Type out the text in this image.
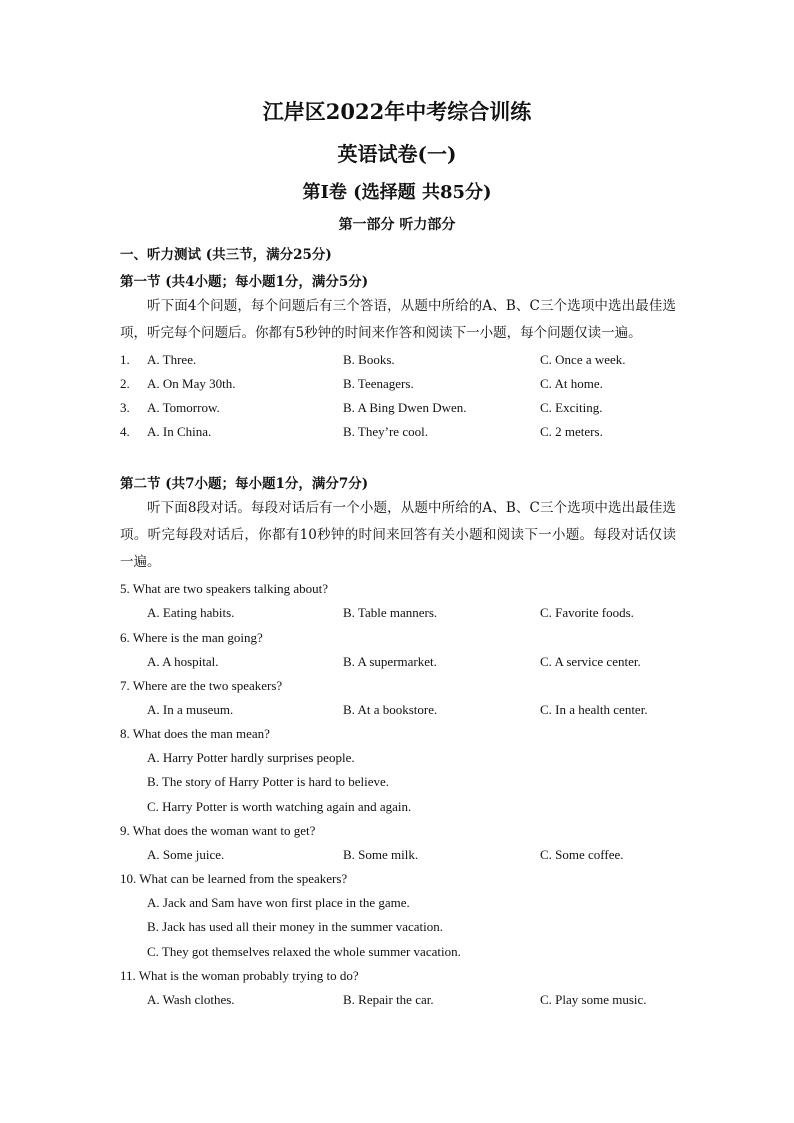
江岸区2022年中考综合训练
英语试卷(一)
第Ⅰ卷 (选择题 共85分)
第一部分 听力部分
一、听力测试 (共三节，满分25分)
第一节 (共4小题；每小题1分，满分5分)
听下面4个问题，每个问题后有三个答语，从题中所给的A、B、C三个选项中选出最佳选项，听完每个问题后。你都有5秒钟的时间来作答和阅读下一小题，每个问题仅读一遍。
1. A. Three.	B. Books.	C. Once a week.
2. A. On May 30th.	B. Teenagers.	C. At home.
3. A. Tomorrow.	B. A Bing Dwen Dwen.	C. Exciting.
4. A. In China.	B. They’re cool.	C. 2 meters.
第二节 (共7小题；每小题1分，满分7分)
听下面8段对话。每段对话后有一个小题，从题中所给的A、B、C三个选项中选出最佳选项。听完每段对话后，你都有10秒钟的时间来回答有关小题和阅读下一小题。每段对话仅读一遍。
5. What are two speakers talking about?
A. Eating habits.	B. Table manners.	C. Favorite foods.
6. Where is the man going?
A. A hospital.	B. A supermarket.	C. A service center.
7. Where are the two speakers?
A. In a museum.	B. At a bookstore.	C. In a health center.
8. What does the man mean?
A. Harry Potter hardly surprises people.
B. The story of Harry Potter is hard to believe.
C. Harry Potter is worth watching again and again.
9. What does the woman want to get?
A. Some juice.	B. Some milk.	C. Some coffee.
10. What can be learned from the speakers?
A. Jack and Sam have won first place in the game.
B. Jack has used all their money in the summer vacation.
C. They got themselves relaxed the whole summer vacation.
11. What is the woman probably trying to do?
A. Wash clothes.	B. Repair the car.	C. Play some music.
